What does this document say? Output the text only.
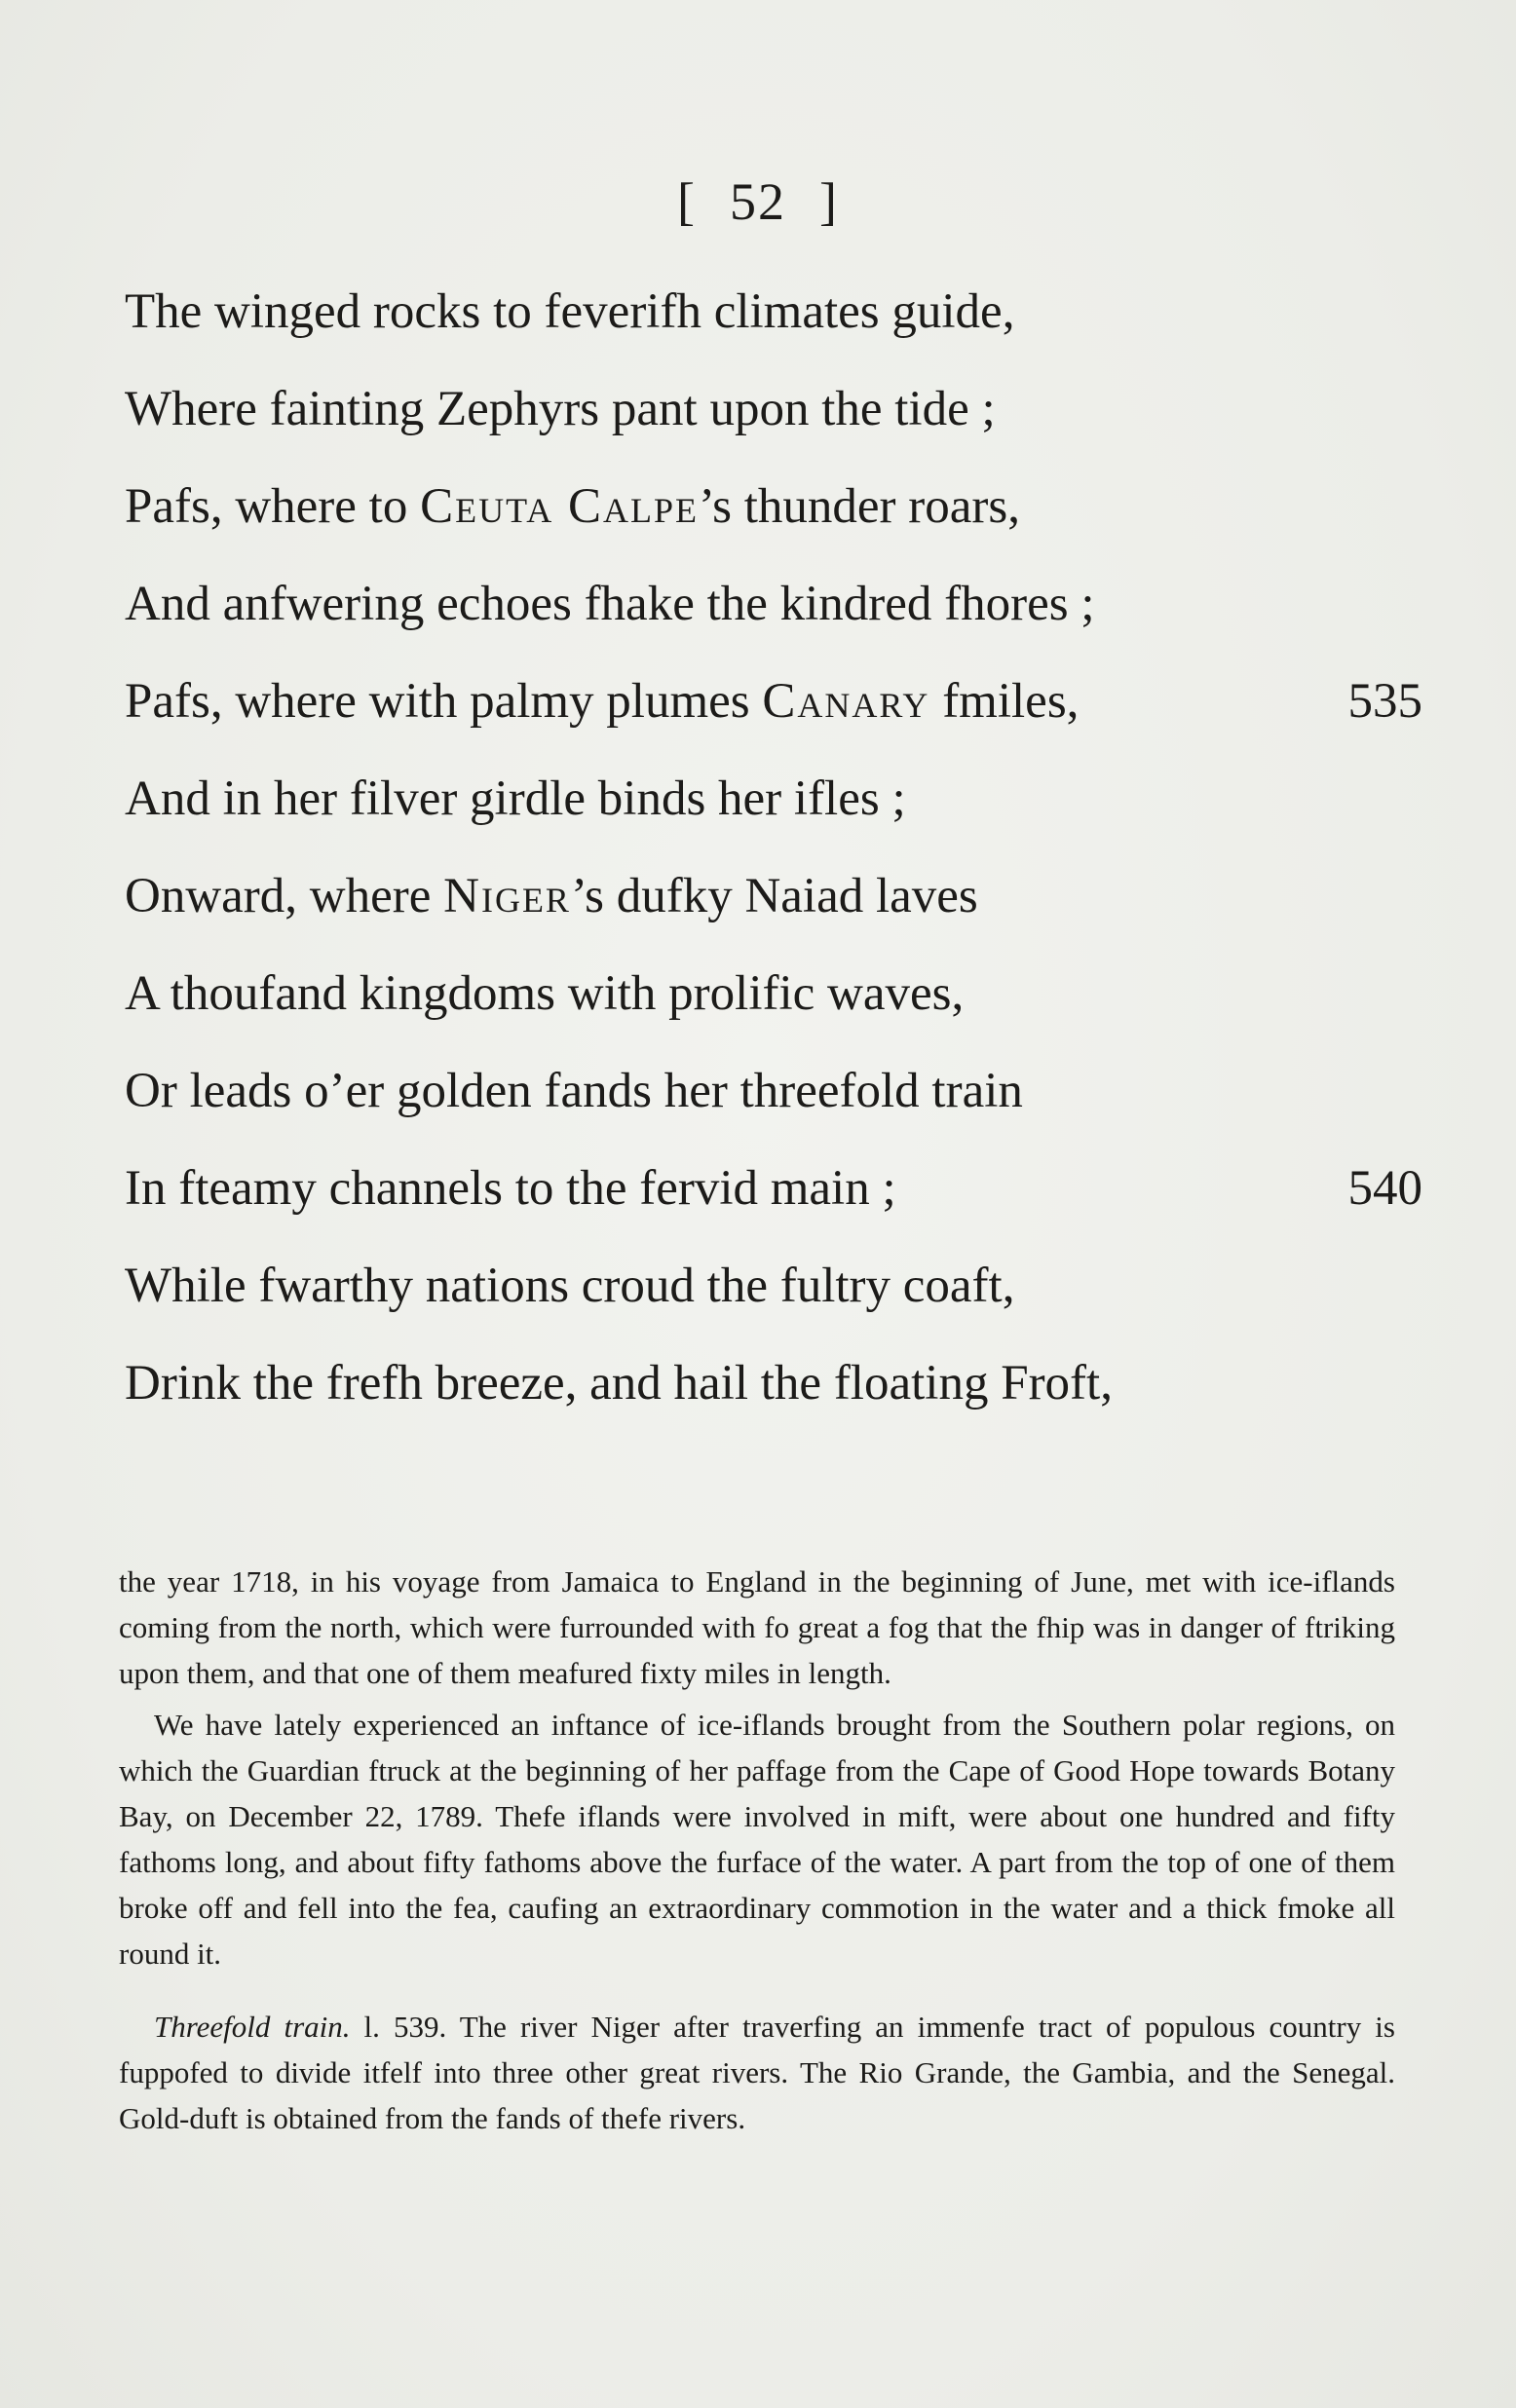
[ 52 ]
The winged rocks to feverifh climates guide,
Where fainting Zephyrs pant upon the tide ;
Pafs, where to Ceuta Calpe’s thunder roars,
And anfwering echoes fhake the kindred fhores ;
Pafs, where with palmy plumes Canary fmiles,	535
And in her filver girdle binds her ifles ;
Onward, where Niger’s dufky Naiad laves
A thoufand kingdoms with prolific waves,
Or leads o’er golden fands her threefold train
In fteamy channels to the fervid main ;	540
While fwarthy nations croud the fultry coaft,
Drink the frefh breeze, and hail the floating Froft,

the year 1718, in his voyage from Jamaica to England in the beginning of June, met with ice-iflands coming from the north, which were furrounded with fo great a fog that the fhip was in danger of ftriking upon them, and that one of them meafured fixty miles in length.

We have lately experienced an inftance of ice-iflands brought from the Southern polar regions, on which the Guardian ftruck at the beginning of her paffage from the Cape of Good Hope towards Botany Bay, on December 22, 1789. Thefe iflands were involved in mift, were about one hundred and fifty fathoms long, and about fifty fathoms above the furface of the water. A part from the top of one of them broke off and fell into the fea, caufing an extraordinary commotion in the water and a thick fmoke all round it.

Threefold train. l. 539. The river Niger after traverfing an immenfe tract of populous country is fuppofed to divide itfelf into three other great rivers. The Rio Grande, the Gambia, and the Senegal. Gold-duft is obtained from the fands of thefe rivers.
